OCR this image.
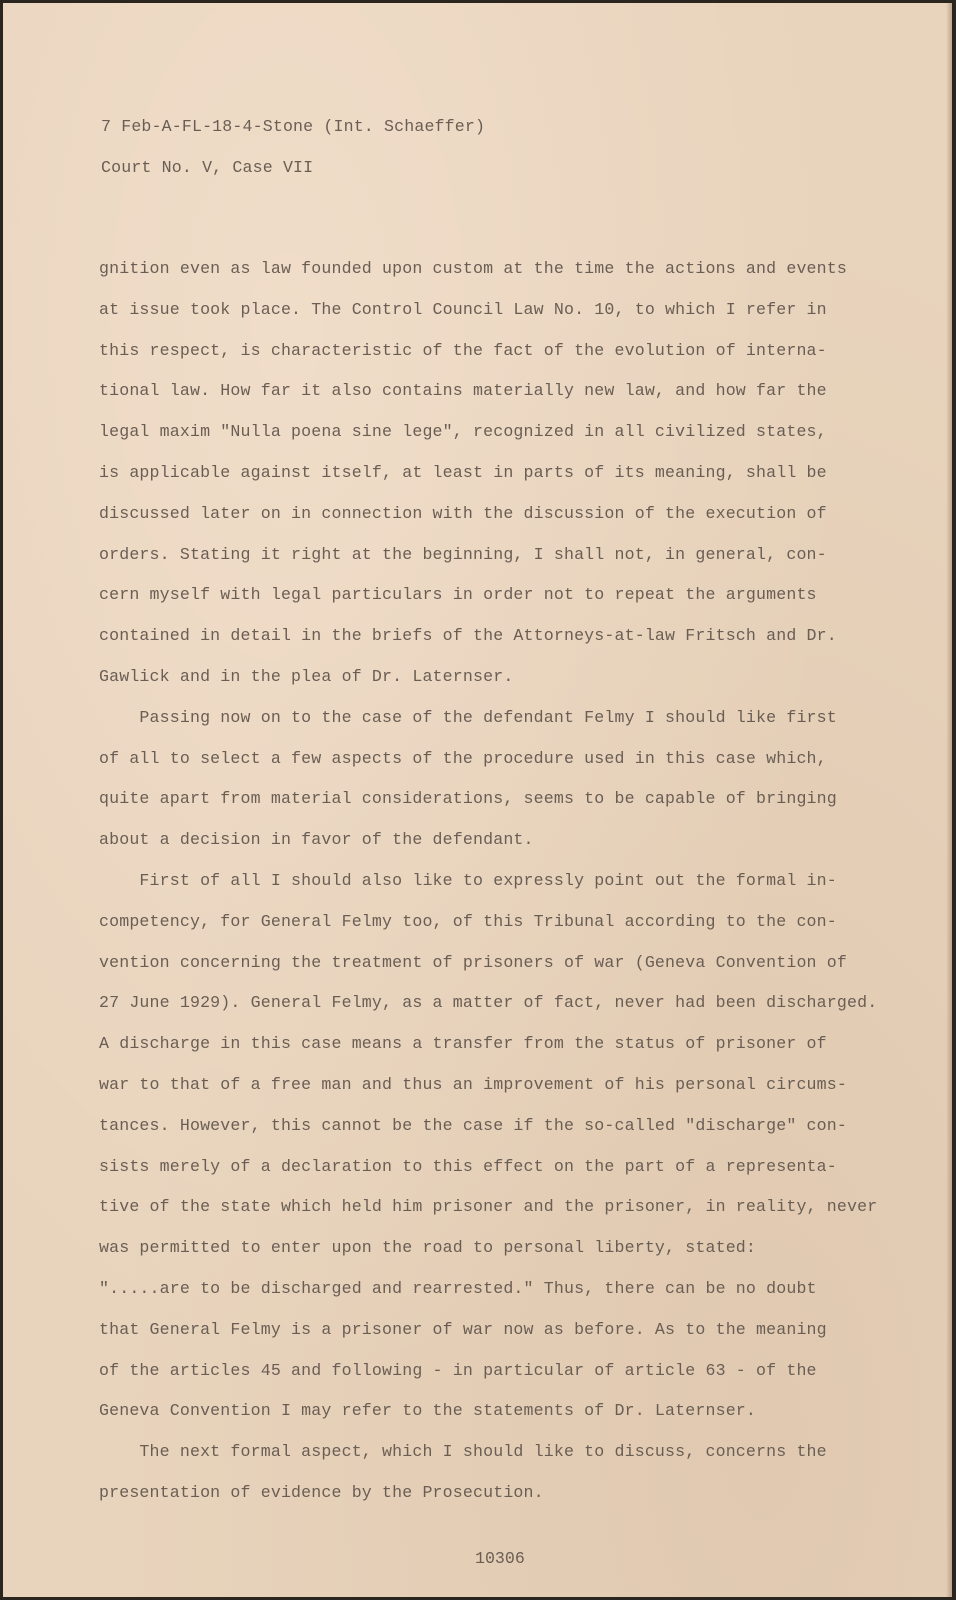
7 Feb-A-FL-18-4-Stone (Int. Schaeffer)
Court No. V, Case VII
gnition even as law founded upon custom at the time the actions and events
at issue took place. The Control Council Law No. 10, to which I refer in
this respect, is characteristic of the fact of the evolution of interna-
tional law. How far it also contains materially new law, and how far the
legal maxim "Nulla poena sine lege", recognized in all civilized states,
is applicable against itself, at least in parts of its meaning, shall be
discussed later on in connection with the discussion of the execution of
orders. Stating it right at the beginning, I shall not, in general, con-
cern myself with legal particulars in order not to repeat the arguments
contained in detail in the briefs of the Attorneys-at-law Fritsch and Dr.
Gawlick and in the plea of Dr. Laternser.
Passing now on to the case of the defendant Felmy I should like first
of all to select a few aspects of the procedure used in this case which,
quite apart from material considerations, seems to be capable of bringing
about a decision in favor of the defendant.
First of all I should also like to expressly point out the formal in-
competency, for General Felmy too, of this Tribunal according to the con-
vention concerning the treatment of prisoners of war (Geneva Convention of
27 June 1929). General Felmy, as a matter of fact, never had been discharged.
A discharge in this case means a transfer from the status of prisoner of
war to that of a free man and thus an improvement of his personal circums-
tances. However, this cannot be the case if the so-called "discharge" con-
sists merely of a declaration to this effect on the part of a representa-
tive of the state which held him prisoner and the prisoner, in reality, never
was permitted to enter upon the road to personal liberty, stated:
".....are to be discharged and rearrested." Thus, there can be no doubt
that General Felmy is a prisoner of war now as before. As to the meaning
of the articles 45 and following - in particular of article 63 - of the
Geneva Convention I may refer to the statements of Dr. Laternser.
The next formal aspect, which I should like to discuss, concerns the
presentation of evidence by the Prosecution.
10306
